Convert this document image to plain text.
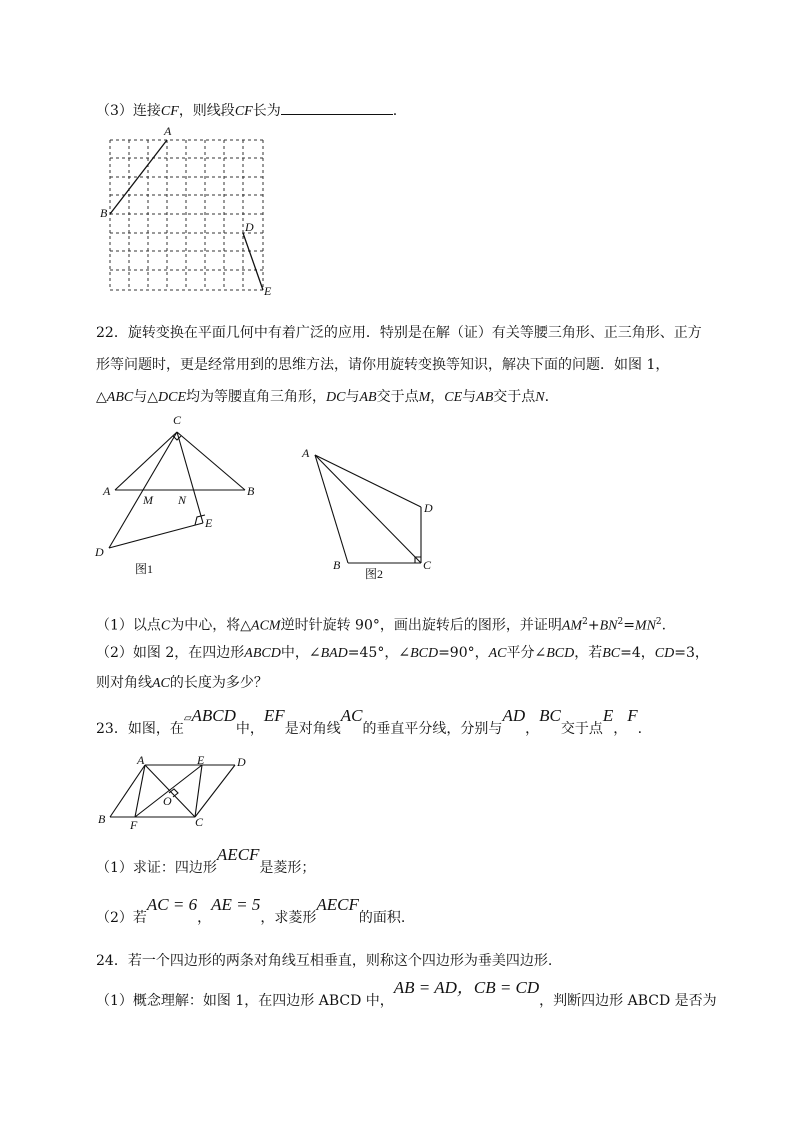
（3）连接CF，则线段CF长为	.
A
B
D
E
22．旋转变换在平面几何中有着广泛的应用．特别是在解（证）有关等腰三角形、正三角形、正方
形等问题时，更是经常用到的思维方法，请你用旋转变换等知识，解决下面的问题．如图 1，
△ABC与△DCE均为等腰直角三角形，DC与AB交于点M，CE与AB交于点N.
C
A	B
M N
E
D
图1
A
D
B	C
图2
（1）以点C为中心，将△ACM逆时针旋转 90°，画出旋转后的图形，并证明$AM^2+BN^2=MN^2$.
（2）如图 2，在四边形ABCD中，∠BAD=45°，∠BCD=90°，AC平分∠BCD，若BC=4，CD=3，
则对角线AC的长度为多少？
23．如图，在▱ABCD中，EF是对角线AC的垂直平分线，分别与AD，BC交于点E，F.
A	E	D
O
B F	C
（1）求证：四边形AECF是菱形；
（2）若AC = 6，AE = 5，求菱形AECF的面积.
24．若一个四边形的两条对角线互相垂直，则称这个四边形为垂美四边形.
（1）概念理解：如图 1，在四边形 ABCD 中，AB = AD，CB = CD，判断四边形 ABCD 是否为
